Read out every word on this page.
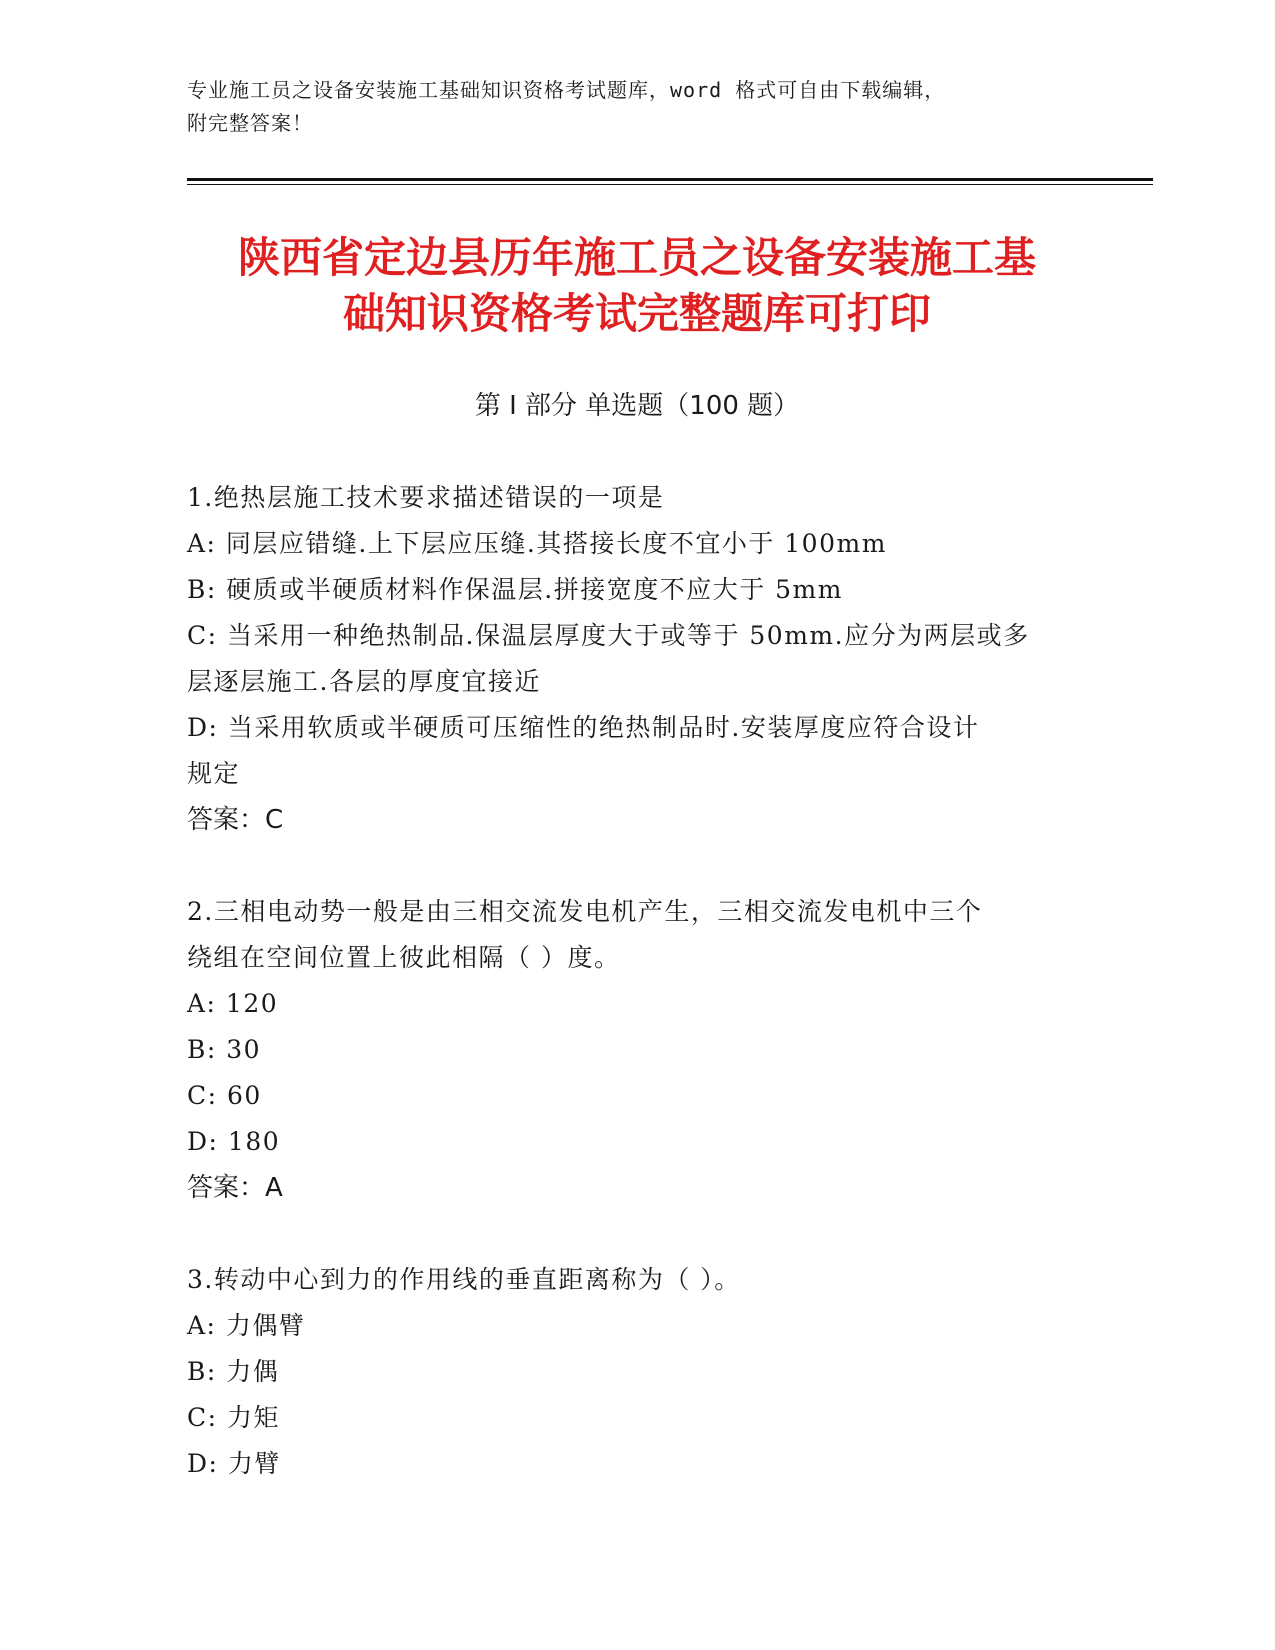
专业施工员之设备安装施工基础知识资格考试题库，word 格式可自由下载编辑，
附完整答案！
陕西省定边县历年施工员之设备安装施工基
础知识资格考试完整题库可打印
第 I 部分 单选题（100 题）
1.绝热层施工技术要求描述错误的一项是
A: 同层应错缝.上下层应压缝.其搭接长度不宜小于 100mm
B: 硬质或半硬质材料作保温层.拼接宽度不应大于 5mm
C: 当采用一种绝热制品.保温层厚度大于或等于 50mm.应分为两层或多
层逐层施工.各层的厚度宜接近
D: 当采用软质或半硬质可压缩性的绝热制品时.安装厚度应符合设计
规定
答案：C
2.三相电动势一般是由三相交流发电机产生，三相交流发电机中三个
绕组在空间位置上彼此相隔（ ）度。
A: 120
B: 30
C: 60
D: 180
答案：A
3.转动中心到力的作用线的垂直距离称为（ ）。
A: 力偶臂
B: 力偶
C: 力矩
D: 力臂
